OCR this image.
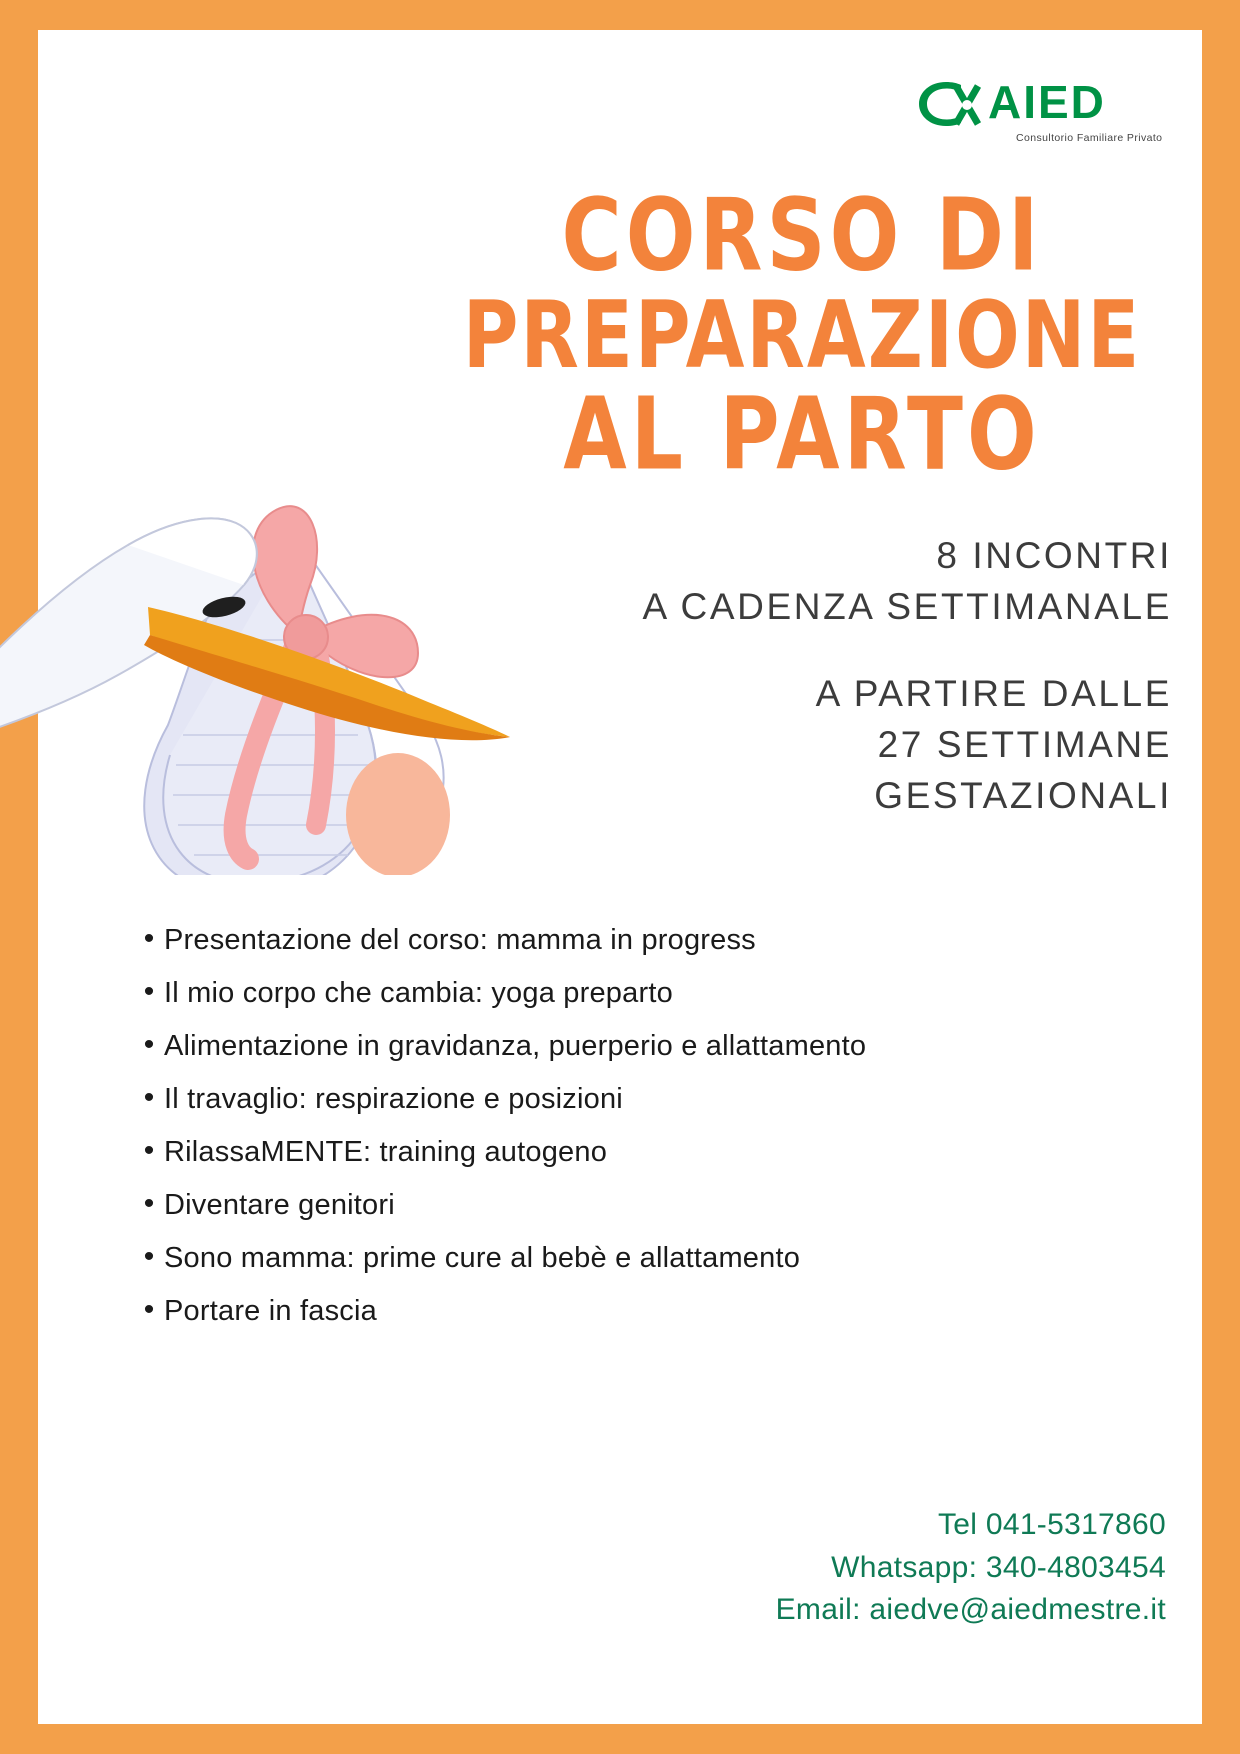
AIED
Consultorio Familiare Privato
CORSO DI
PREPARAZIONE
AL PARTO
8 INCONTRI
A CADENZA SETTIMANALE
A PARTIRE DALLE
27 SETTIMANE
GESTAZIONALI
• Presentazione del corso: mamma in progress
• Il mio corpo che cambia: yoga preparto
• Alimentazione in gravidanza, puerperio e allattamento
• Il travaglio: respirazione e posizioni
• RilassaMENTE: training autogeno
• Diventare genitori
• Sono mamma: prime cure al bebè e allattamento
• Portare in fascia
Tel 041-5317860
Whatsapp: 340-4803454
Email: aiedve@aiedmestre.it
